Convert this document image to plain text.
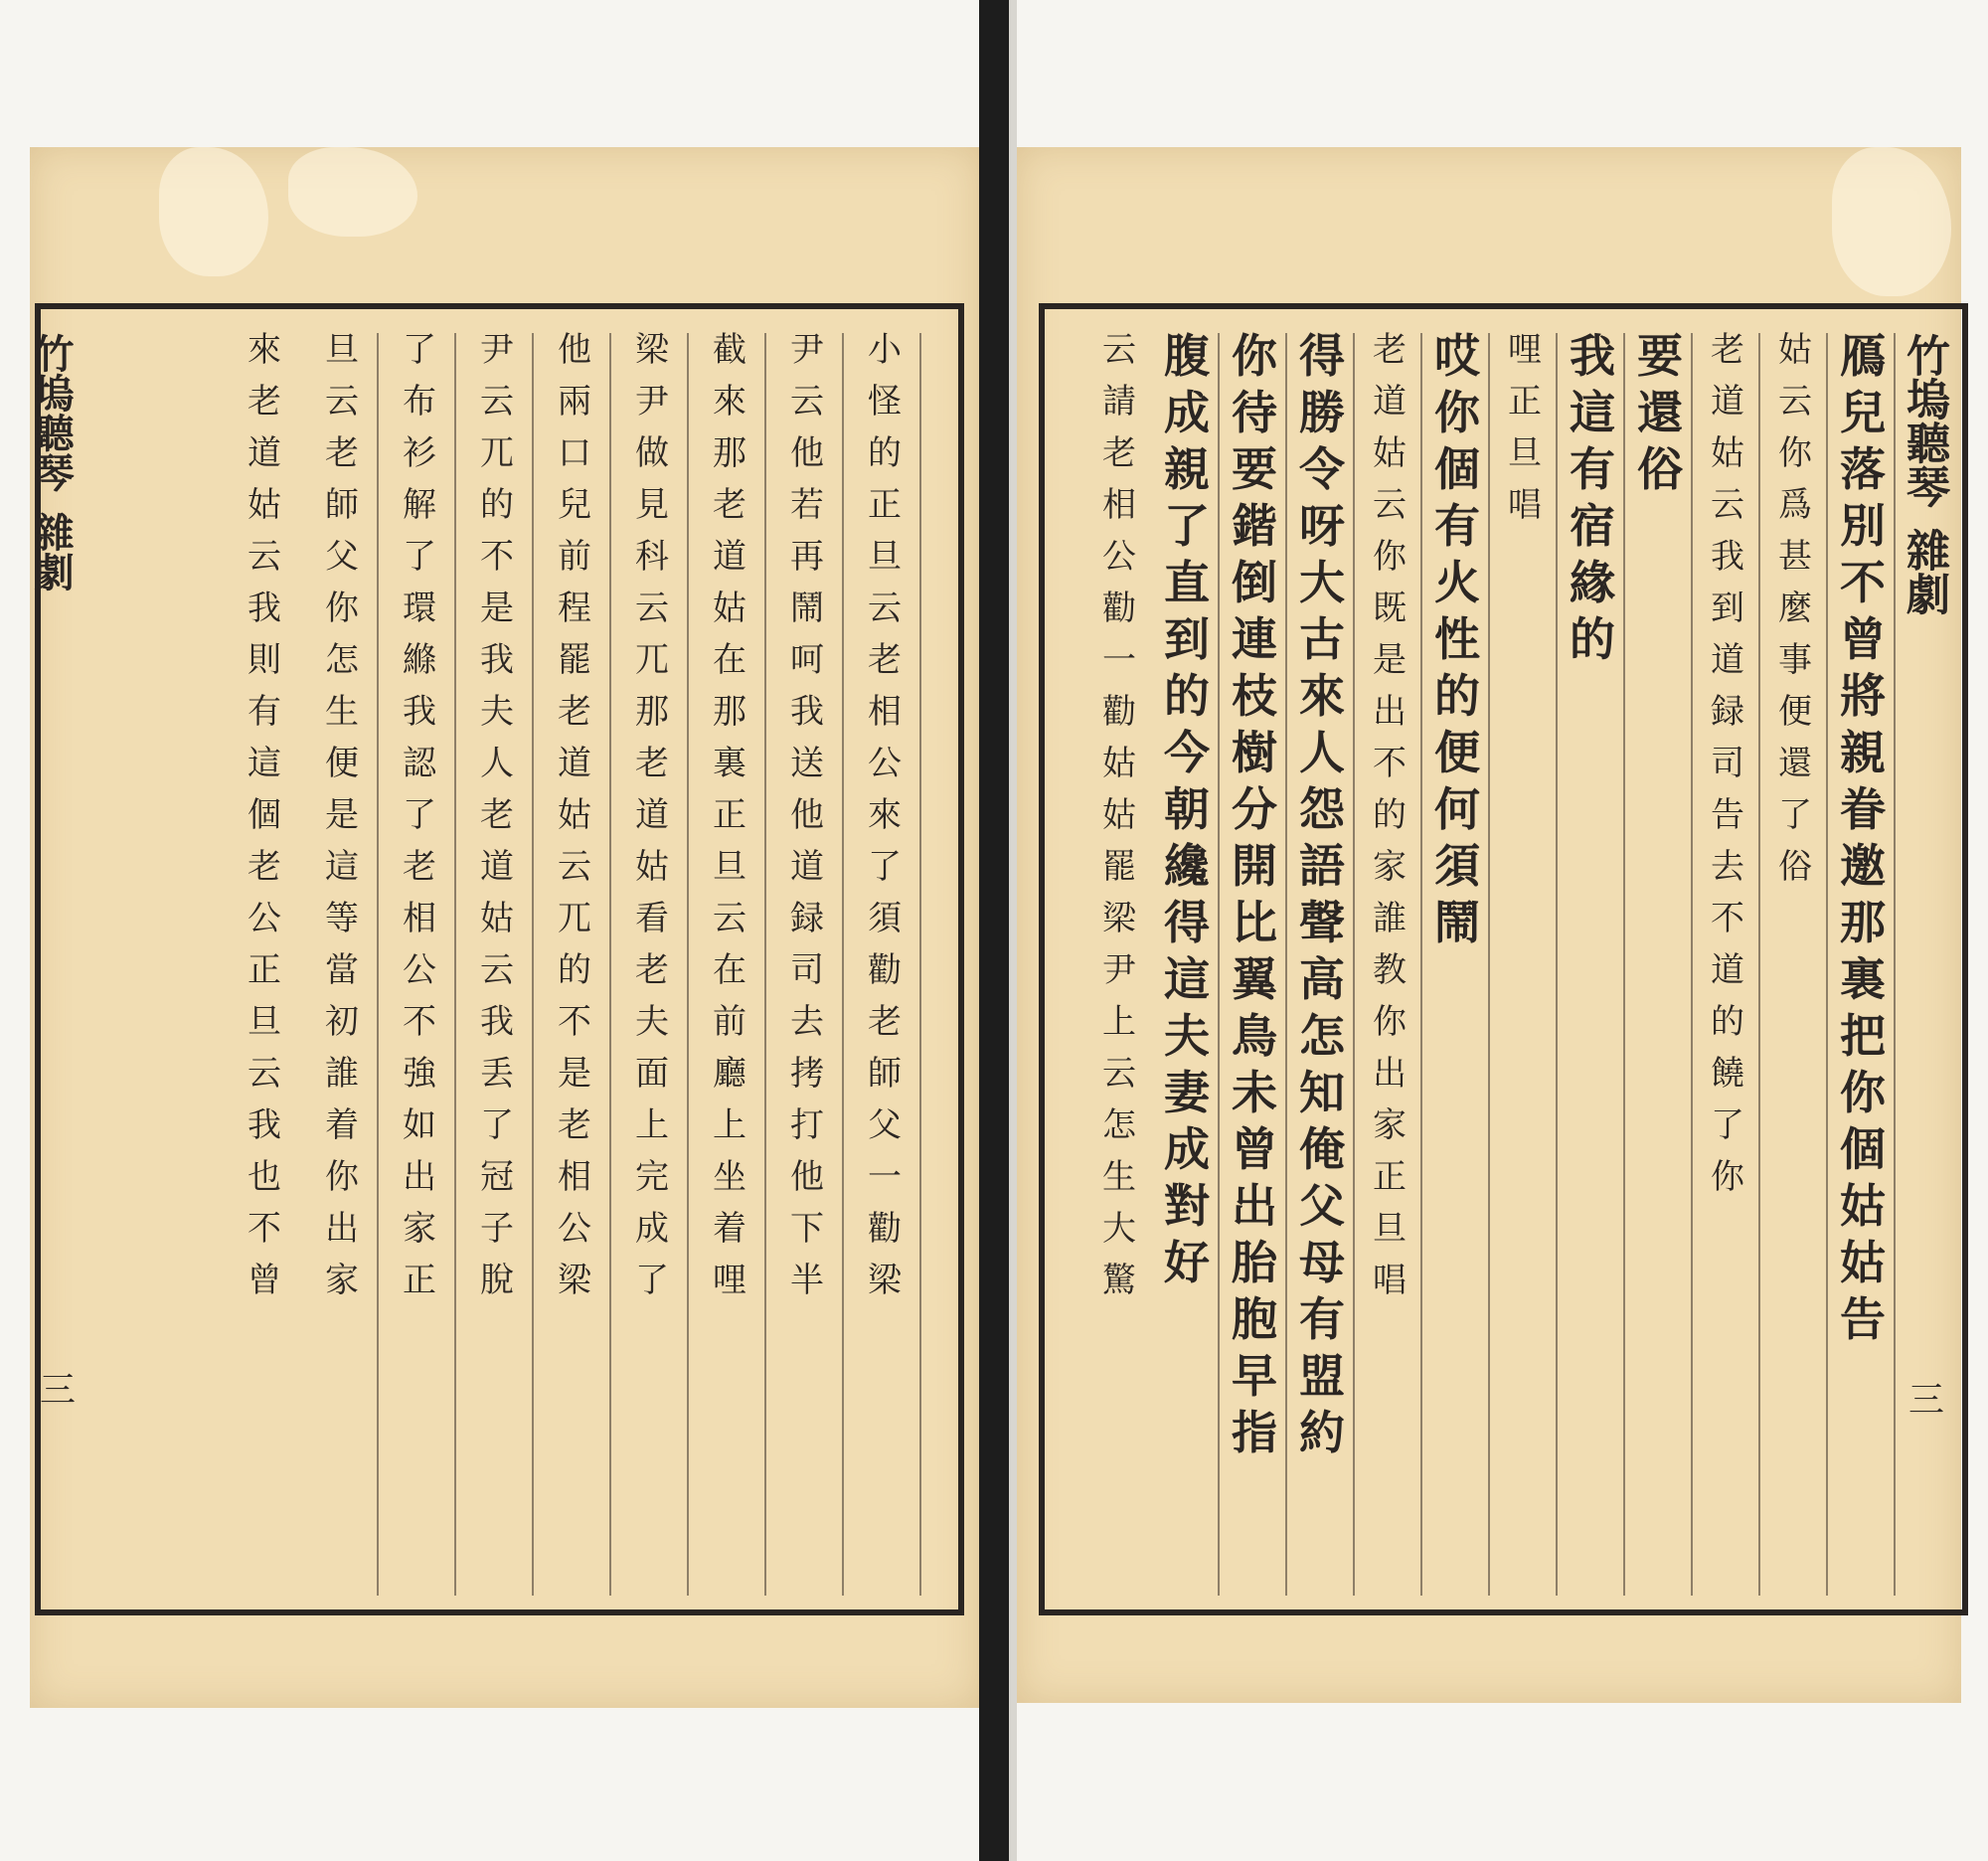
竹塢聽琴雜劇
三
小
怪
的
正
旦
云
老
相
公
來
了
須
勸
老
師
父
一
勸
梁
尹
云
他
若
再
鬧
呵
我
送
他
道
録
司
去
拷
打
他
下
半
截
來
那
老
道
姑
在
那
裏
正
旦
云
在
前
廳
上
坐
着
哩
梁
尹
做
見
科
云
兀
那
老
道
姑
看
老
夫
面
上
完
成
了
他
兩
口
兒
前
程
罷
老
道
姑
云
兀
的
不
是
老
相
公
梁
尹
云
兀
的
不
是
我
夫
人
老
道
姑
云
我
丢
了
冠
子
脫
了
布
衫
解
了
環
縧
我
認
了
老
相
公
不
強
如
出
家
正
旦
云
老
師
父
你
怎
生
便
是
這
等
當
初
誰
着
你
出
家
來
老
道
姑
云
我
則
有
這
個
老
公
正
旦
云
我
也
不
曾
竹塢聽琴雜劇
三
鴈
兒
落
別
不
曾
將
親
眷
邀
那
裏
把
你
個
姑
姑
告
姑
云
你
爲
甚
麼
事
便
還
了
俗
老
道
姑
云
我
到
道
録
司
告
去
不
道
的
饒
了
你
要
還
俗
我
這
有
宿
緣
的
哩
正
旦
唱
哎
你
個
有
火
性
的
便
何
須
鬧
老
道
姑
云
你
既
是
出
不
的
家
誰
教
你
出
家
正
旦
唱
得
勝
令
呀
大
古
來
人
怨
語
聲
高
怎
知
俺
父
母
有
盟
約
你
待
要
鍇
倒
連
枝
樹
分
開
比
翼
鳥
未
曾
出
胎
胞
早
指
腹
成
親
了
直
到
的
今
朝
纔
得
這
夫
妻
成
對
好
云
請
老
相
公
勸
一
勸
姑
姑
罷
梁
尹
上
云
怎
生
大
驚
